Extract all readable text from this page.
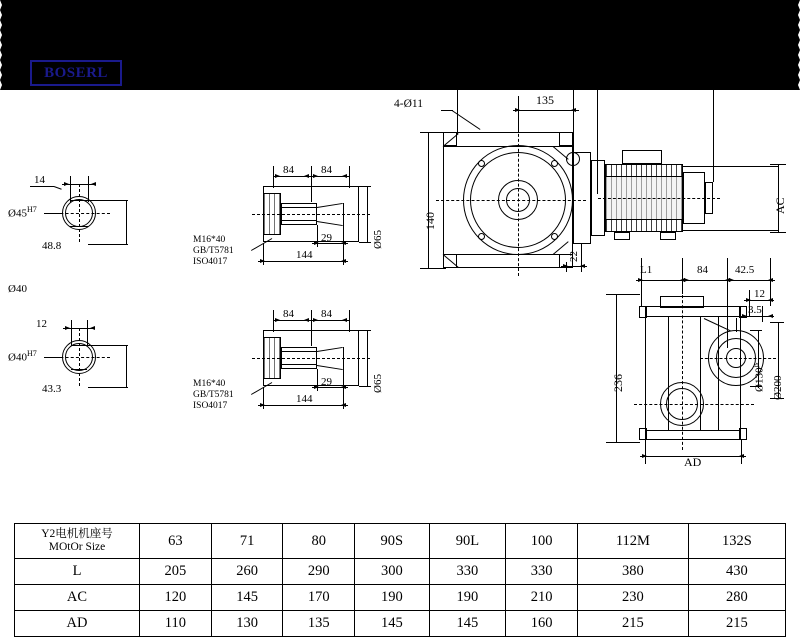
SAF67 减速机尺寸图纸
BOSERL
14
$Ø45^{H7}$
48.8
Ø40
12
$Ø40^{H7}$
43.3
84 84
29
144
Ø65
M16*40
GB/T5781
ISO4017
84 84
29
144
Ø65
M16*40
GB/T5781
ISO4017
242	L
135
4-Ø11
140
22
AC
L1	84 42.5
12
3.5
236	$Ø130^{js}$
Ø200
AD
Y2电机机座号
MOtOr Size	63	71	80	90S	90L	100	112M	132S
L	205	260	290	300	330	330	380	430
AC	120	145	170	190	190	210	230	280
AD	110	130	135	145	145	160	215	215
